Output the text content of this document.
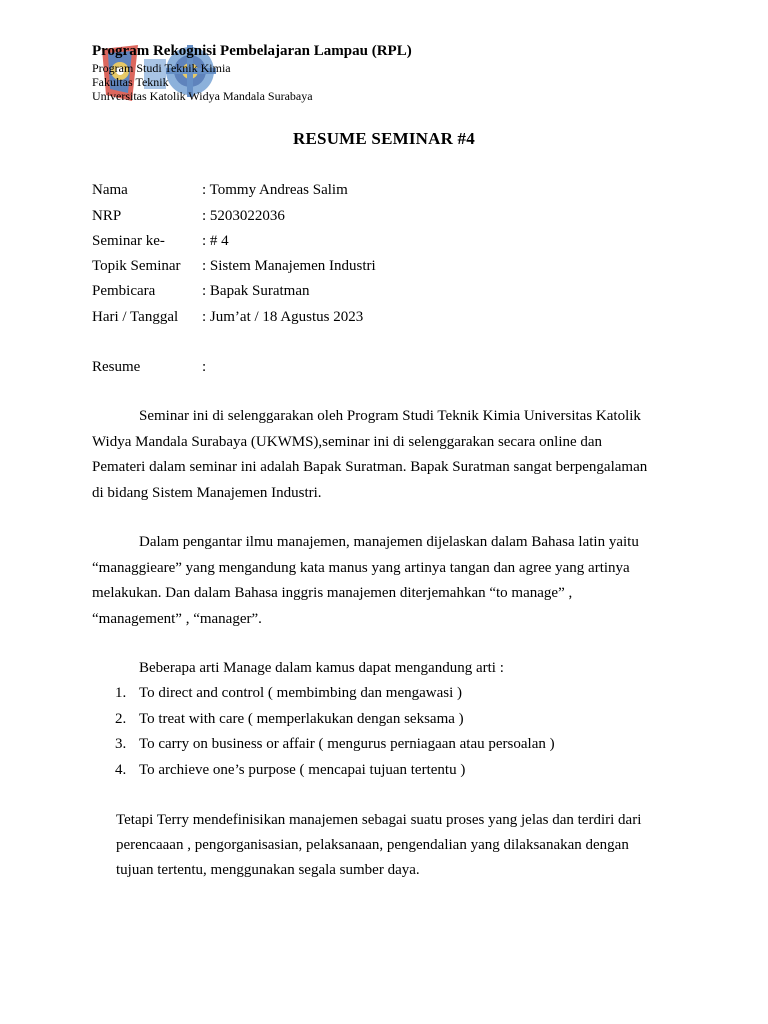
Program Rekognisi Pembelajaran Lampau (RPL)
Program Studi Teknik Kimia
Fakultas Teknik
Universitas Katolik Widya Mandala Surabaya
RESUME SEMINAR #4
Nama	: Tommy Andreas Salim
NRP	: 5203022036
Seminar ke- : # 4
Topik Seminar : Sistem Manajemen Industri
Pembicara	: Bapak Suratman
Hari / Tanggal : Jum’at / 18 Agustus 2023
Resume	:
Seminar ini di selenggarakan oleh Program Studi Teknik Kimia Universitas Katolik
Widya Mandala Surabaya (UKWMS),seminar ini di selenggarakan secara online dan
Pemateri dalam seminar ini adalah Bapak Suratman. Bapak Suratman sangat berpengalaman
di bidang Sistem Manajemen Industri.
Dalam pengantar ilmu manajemen, manajemen dijelaskan dalam Bahasa latin yaitu
“managgieare” yang mengandung kata manus yang artinya tangan dan agree yang artinya
melakukan. Dan dalam Bahasa inggris manajemen diterjemahkan “to manage” ,
“management” , “manager”.
Beberapa arti Manage dalam kamus dapat mengandung arti :
1. To direct and control ( membimbing dan mengawasi )
2. To treat with care ( memperlakukan dengan seksama )
3. To carry on business or affair ( mengurus perniagaan atau persoalan )
4. To archieve one’s purpose ( mencapai tujuan tertentu )
Tetapi Terry mendefinisikan manajemen sebagai suatu proses yang jelas dan terdiri dari
perencaaan , pengorganisasian, pelaksanaan, pengendalian yang dilaksanakan dengan
tujuan tertentu, menggunakan segala sumber daya.
